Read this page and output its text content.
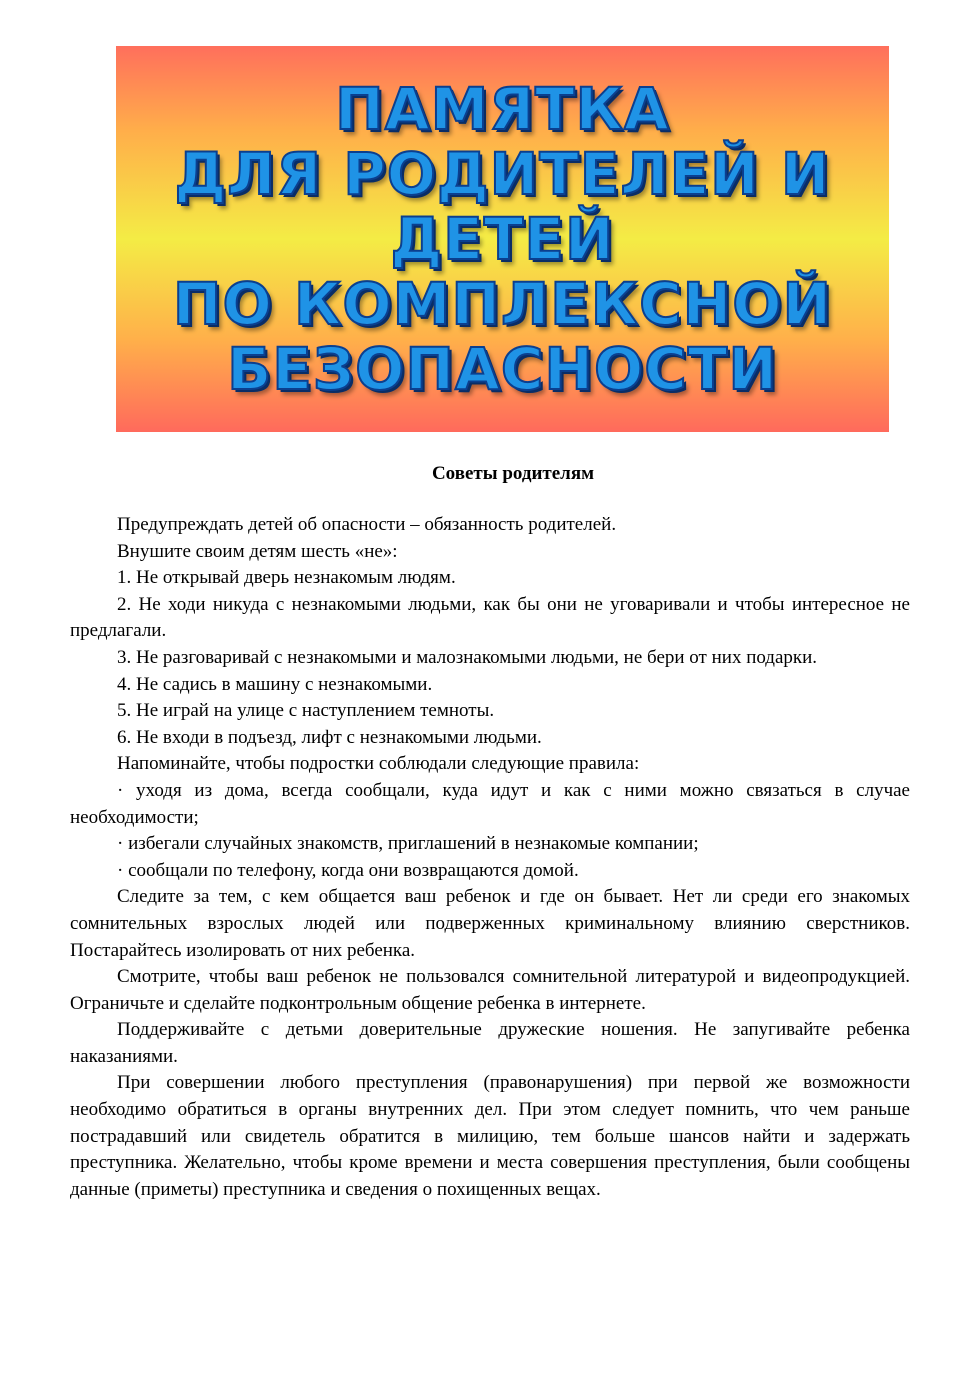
ПАМЯТКА
ДЛЯ РОДИТЕЛЕЙ И
ДЕТЕЙ
ПО КОМПЛЕКСНОЙ
БЕЗОПАСНОСТИ
Советы родителям

Предупреждать детей об опасности – обязанность родителей.

Внушите своим детям шесть «не»:

1. Не открывай дверь незнакомым людям.

2. Не ходи никуда с незнакомыми людьми, как бы они не уговаривали и чтобы интересное не предлагали.

3. Не разговаривай с незнакомыми и малознакомыми людьми, не бери от них подарки.

4. Не садись в машину с незнакомыми.

5. Не играй на улице с наступлением темноты.

6. Не входи в подъезд, лифт с незнакомыми людьми.

Напоминайте, чтобы подростки соблюдали следующие правила:

· уходя из дома, всегда сообщали, куда идут и как с ними можно связаться в случае необходимости;

· избегали случайных знакомств, приглашений в незнакомые компании;

· сообщали по телефону, когда они возвращаются домой.

Следите за тем, с кем общается ваш ребенок и где он бывает. Нет ли среди его знакомых сомнительных взрослых людей или подверженных криминальному влиянию сверстников. Постарайтесь изолировать от них ребенка.

Смотрите, чтобы ваш ребенок не пользовался сомнительной литературой и видеопродукцией. Ограничьте и сделайте подконтрольным общение ребенка в интернете.

Поддерживайте с детьми доверительные дружеские ношения. Не запугивайте ребенка наказаниями.

При совершении любого преступления (правонарушения) при первой же возможности необходимо обратиться в органы внутренних дел. При этом следует помнить, что чем раньше пострадавший или свидетель обратится в милицию, тем больше шансов найти и задержать преступника. Желательно, чтобы кроме времени и места совершения преступления, были сообщены данные (приметы) преступника и сведения о похищенных вещах.
